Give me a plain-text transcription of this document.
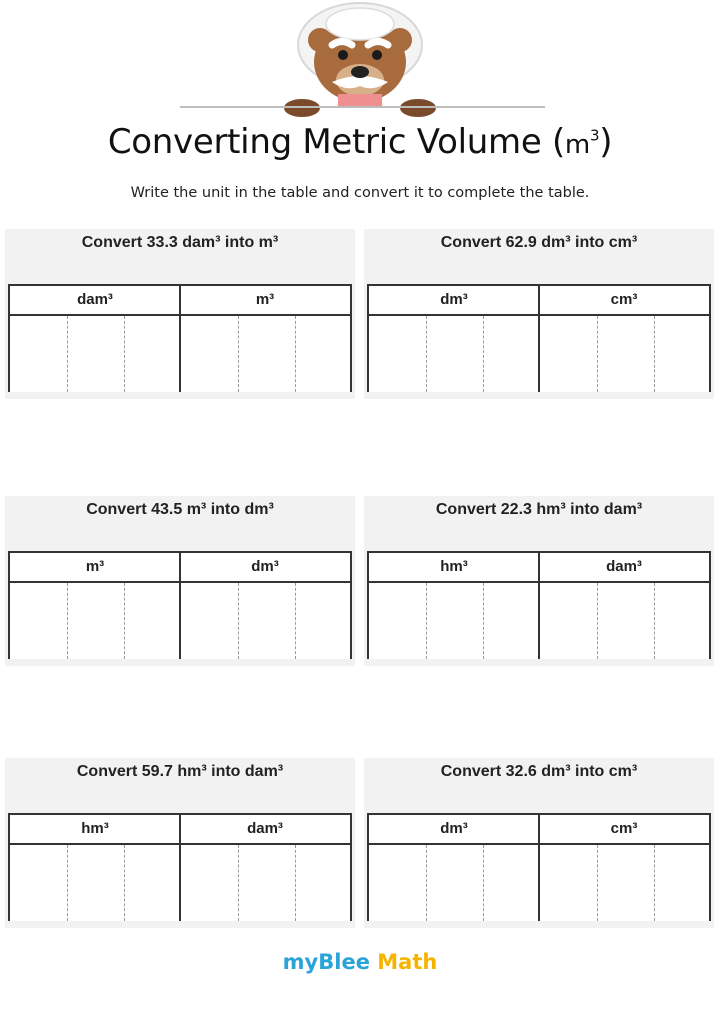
Converting Metric Volume $(m^3)$
Write the unit in the table and convert it to complete the table.
Convert 33.3 dam³ into m³
dam³	m³
Convert 62.9 dm³ into cm³
dm³	cm³
Convert 43.5 m³ into dm³
m³	dm³
Convert 22.3 hm³ into dam³
hm³	dam³
Convert 59.7 hm³ into dam³
hm³	dam³
Convert 32.6 dm³ into cm³
dm³	cm³
myBlee Math
